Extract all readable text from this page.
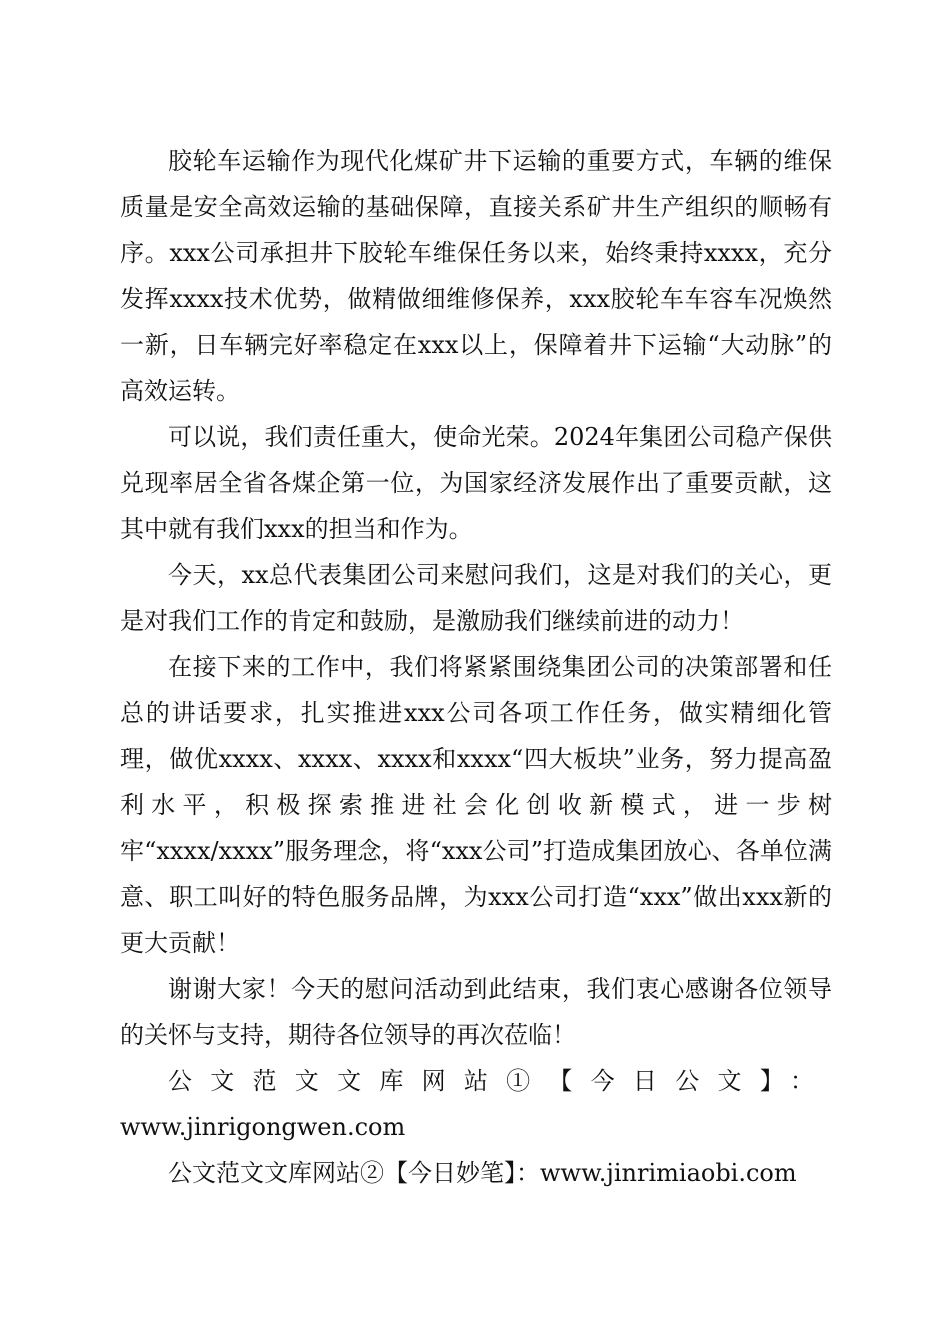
胶轮车运输作为现代化煤矿井下运输的重要方式，车辆的维保质量是安全高效运输的基础保障，直接关系矿井生产组织的顺畅有序。xxx公司承担井下胶轮车维保任务以来，始终秉持xxxx，充分发挥xxxx技术优势，做精做细维修保养，xxx胶轮车车容车况焕然一新，日车辆完好率稳定在xxx以上，保障着井下运输“大动脉”的高效运转。

可以说，我们责任重大，使命光荣。2024年集团公司稳产保供兑现率居全省各煤企第一位，为国家经济发展作出了重要贡献，这其中就有我们xxx的担当和作为。

今天，xx总代表集团公司来慰问我们，这是对我们的关心，更是对我们工作的肯定和鼓励，是激励我们继续前进的动力！

在接下来的工作中，我们将紧紧围绕集团公司的决策部署和任总的讲话要求，扎实推进xxx公司各项工作任务，做实精细化管理，做优xxxx、xxxx、xxxx和xxxx“四大板块”业务，努力提高盈利水平，积极探索推进社会化创收新模式，进一步树牢“xxxx/xxxx”服务理念，将“xxx公司”打造成集团放心、各单位满意、职工叫好的特色服务品牌，为xxx公司打造“xxx”做出xxx新的更大贡献！

谢谢大家！今天的慰问活动到此结束，我们衷心感谢各位领导的关怀与支持，期待各位领导的再次莅临！

公文范文文库网站①【今日公文】：www.jinrigongwen.com

公文范文文库网站②【今日妙笔】：www.jinrimiaobi.com
